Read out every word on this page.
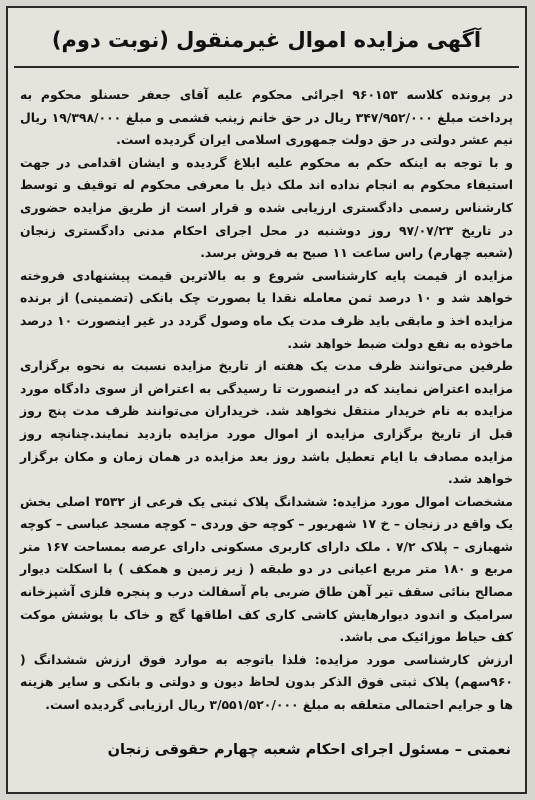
آگهی مزایده اموال غیرمنقول (نوبت دوم)

در پرونده کلاسه ۹۶۰۱۵۳ اجرائی محکوم علیه آقای جعفر حسنلو محکوم به پرداخت مبلغ ۳۴۷/۹۵۲/۰۰۰ ریال در حق خانم زینب قشمی و مبلغ ۱۹/۳۹۸/۰۰۰ ریال نیم عشر دولتی در حق دولت جمهوری اسلامی ایران گردیده است.

و با توجه به اینکه حکم به محکوم علیه ابلاغ گردیده و ایشان اقدامی در جهت استیفاء محکوم به انجام نداده اند ملک ذیل با معرفی محکوم له توقیف و توسط کارشناس رسمی دادگستری ارزیابی شده و قرار است از طریق مزایده حضوری در تاریخ ۹۷/۰۷/۲۳ روز دوشنبه در محل اجرای احکام مدنی دادگستری زنجان (شعبه چهارم) راس ساعت ۱۱ صبح به فروش برسد.

مزایده از قیمت پایه کارشناسی شروع و به بالاترین قیمت پیشنهادی فروخته خواهد شد و ۱۰ درصد ثمن معامله نقدا یا بصورت چک بانکی (تضمینی) از برنده مزایده اخذ و مابقی باید ظرف مدت یک ماه وصول گردد در غیر اینصورت ۱۰ درصد ماخوذه به نفع دولت ضبط خواهد شد.

طرفین می‌توانند ظرف مدت یک هفته از تاریخ مزایده نسبت به نحوه برگزاری مزایده اعتراض نمایند که در اینصورت تا رسیدگی به اعتراض از سوی دادگاه مورد مزایده به نام خریدار منتقل نخواهد شد. خریداران می‌توانند ظرف مدت پنج روز قبل از تاریخ برگزاری مزایده از اموال مورد مزایده بازدید نمایند.چنانچه روز مزایده مصادف با ایام تعطیل باشد روز بعد مزایده در همان زمان و مکان برگزار خواهد شد.

مشخصات اموال مورد مزایده: ششدانگ پلاک ثبتی یک فرعی از ۳۵۳۲ اصلی بخش یک واقع در زنجان – خ ۱۷ شهریور – کوچه حق وردی – کوچه مسجد عباسی – کوچه شهبازی – پلاک ۷/۲ . ملک دارای کاربری مسکونی دارای عرصه بمساحت ۱۶۷ متر مربع و ۱۸۰ متر مربع اعیانی در دو طبقه ( زیر زمین و همکف ) با اسکلت دیوار مصالح بنائی سقف تیر آهن طاق ضربی بام آسفالت درب و پنجره فلزی آشپزخانه سرامیک و اندود دیوارهایش کاشی کاری کف اطاقها گچ و خاک با پوشش موکت کف حیاط موزائیک می باشد.

ارزش کارشناسی مورد مزایده: فلذا باتوجه به موارد فوق ارزش ششدانگ ( ۹۶۰سهم) پلاک ثبتی فوق الذکر بدون لحاظ دیون و دولتی و بانکی و سایر هزینه ها و جرایم احتمالی متعلقه به مبلغ ۳/۵۵۱/۵۲۰/۰۰۰ ریال ارزیابی گردیده است.

نعمتی – مسئول اجرای احکام شعبه چهارم حقوقی زنجان
